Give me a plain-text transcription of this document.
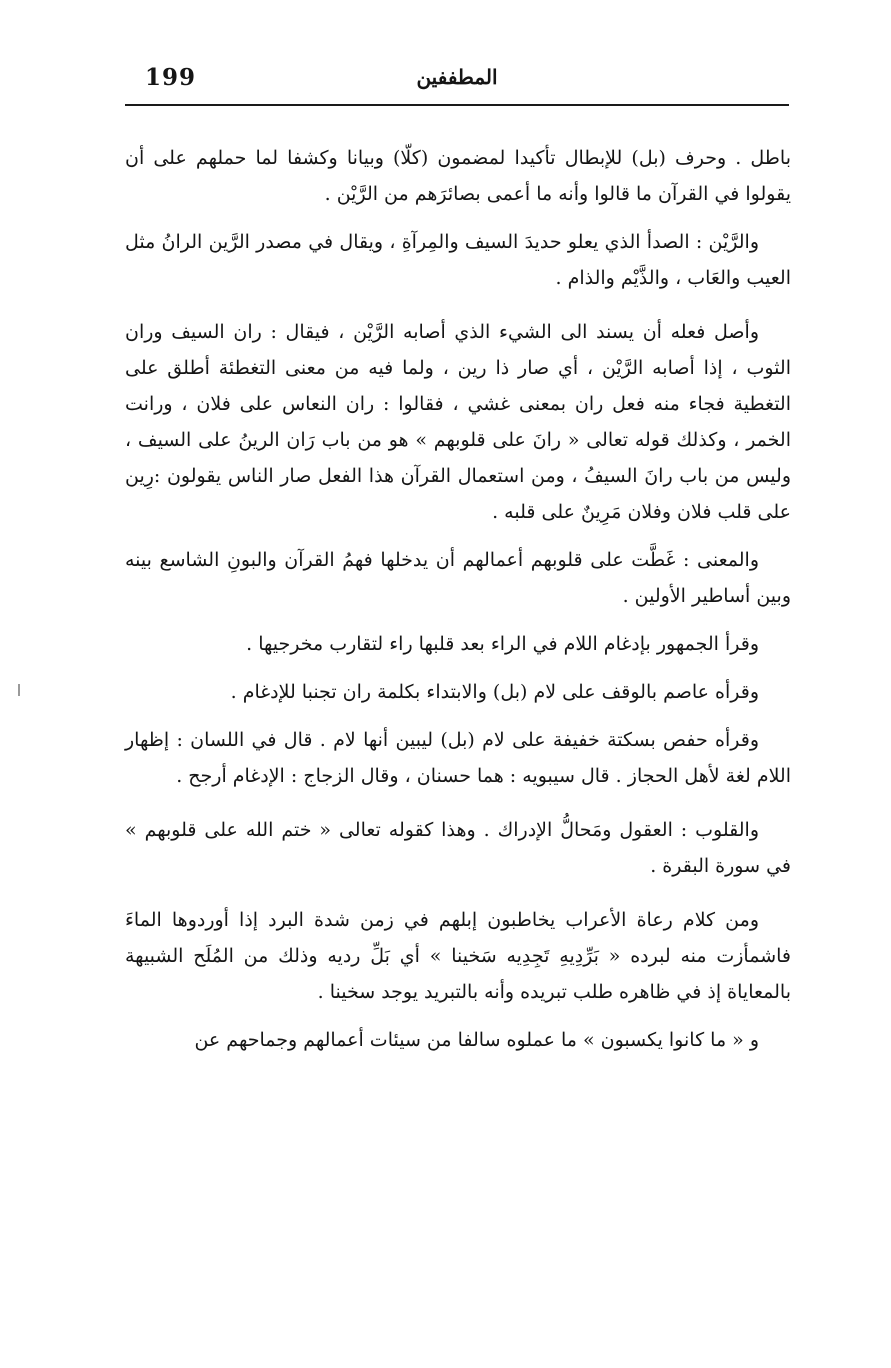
199	المطففين

باطل . وحرف (بل) للإبطال تأكيدا لمضمون (كلّا) وبيانا وكشفا لما حملهم على أن يقولوا في القرآن ما قالوا وأنه ما أعمى بصائرَهم من الرَّيْن .

والرَّيْن : الصدأ الذي يعلو حديدَ السيف والمِرآةِ ، ويقال في مصدر الرَّين الرانُ مثل العيب والعَاب ، والذَّيْم والذام .

وأصل فعله أن يسند الى الشيء الذي أصابه الرَّيْن ، فيقال : ران السيف وران الثوب ، إذا أصابه الرَّيْن ، أي صار ذا رين ، ولما فيه من معنى التغطئة أطلق على التغطية فجاء منه فعل ران بمعنى غشي ، فقالوا : ران النعاس على فلان ، ورانت الخمر ، وكذلك قوله تعالى « رانَ على قلوبهم » هو من باب رَان الرينُ على السيف ، وليس من باب رانَ السيفُ ، ومن استعمال القرآن هذا الفعل صار الناس يقولون :رِين على قلب فلان وفلان مَرِينٌ على قلبه .

والمعنى : غَطَّت على قلوبهم أعمالهم أن يدخلها فهمُ القرآن والبونِ الشاسع بينه وبين أساطير الأولين .

وقرأ الجمهور بإدغام اللام في الراء بعد قلبها راء لتقارب مخرجيها .

وقرأه عاصم بالوقف على لام (بل) والابتداء بكلمة ران تجنبا للإدغام .

وقرأه حفص بسكتة خفيفة على لام (بل) ليبين أنها لام . قال في اللسان : إظهار اللام لغة لأهل الحجاز . قال سيبويه : هما حسنان ، وقال الزجاج : الإدغام أرجح .

والقلوب : العقول ومَحالُّ الإدراك . وهذا كقوله تعالى « ختم الله على قلوبهم » في سورة البقرة .

ومن كلام رعاة الأعراب يخاطبون إبلهم في زمن شدة البرد إذا أوردوها الماءَ فاشمأزت منه لبرده « بَرِّدِيهِ تَجِدِيه سَخينا » أي بَلِّ رديه وذلك من المُلَح الشبيهة بالمعاياة إذ في ظاهره طلب تبريده وأنه بالتبريد يوجد سخينا .

و « ما كانوا يكسبون » ما عملوه سالفا من سيئات أعمالهم وجماحهم عن
